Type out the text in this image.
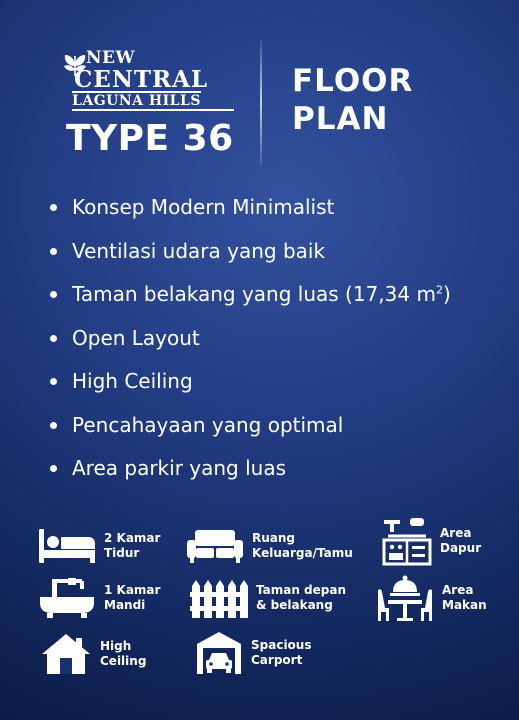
NEW
CENTRAL
LAGUNA HILLS
TYPE 36
FLOOR
PLAN
Konsep Modern Minimalist
Ventilasi udara yang baik
Taman belakang yang luas (17,34 $m^2$)
Open Layout
High Ceiling
Pencahayaan yang optimal
Area parkir yang luas
2 Kamar
Tidur
Ruang
Keluarga/Tamu
Area
Dapur
1 Kamar
Mandi
Taman depan
& belakang
Area
Makan
High
Ceiling
Spacious
Carport
